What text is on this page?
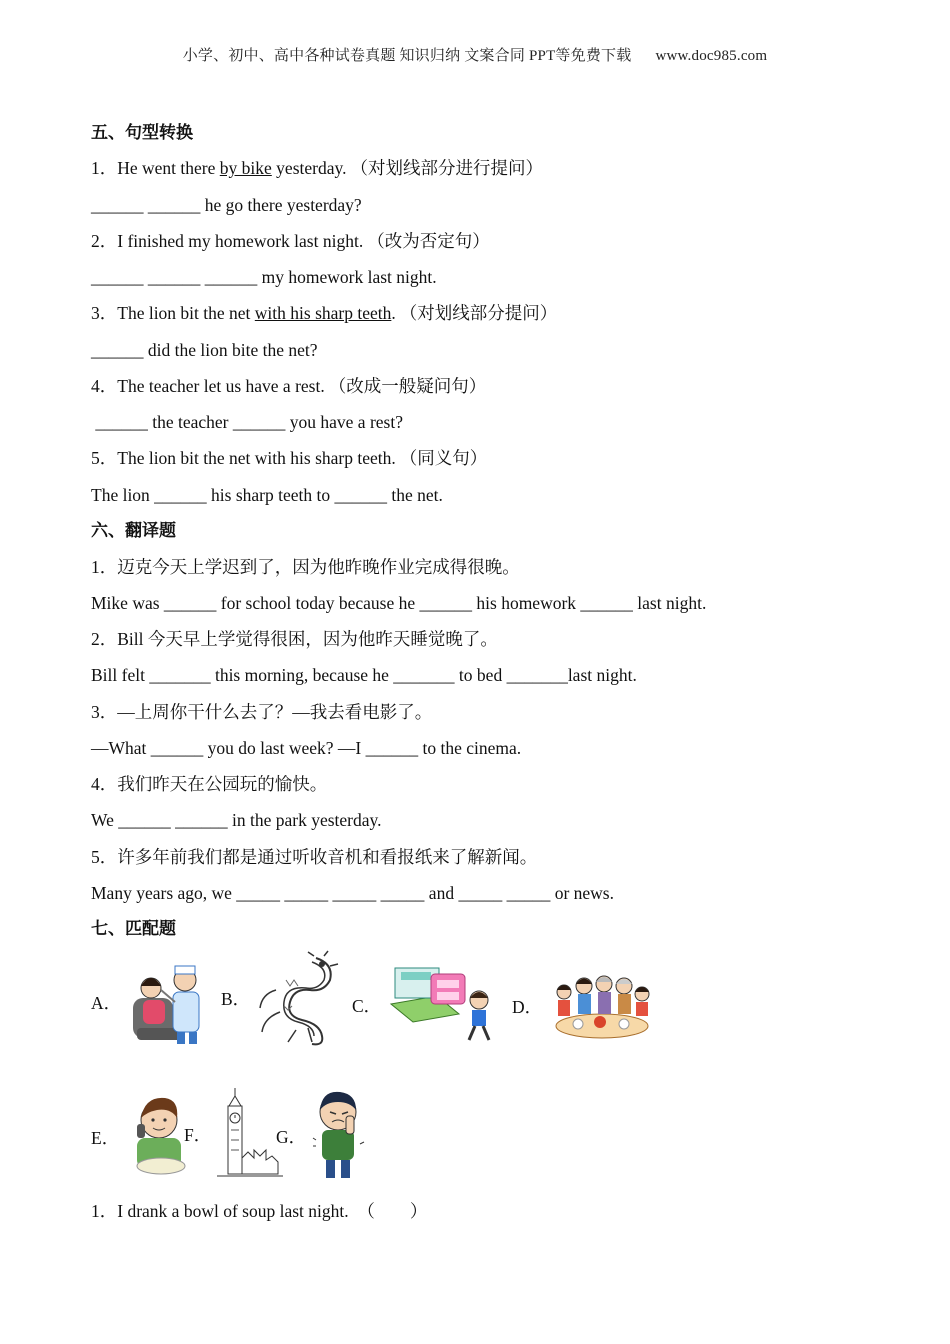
小学、初中、高中各种试卷真题 知识归纳 文案合同 PPT等免费下载 www.doc985.com
五、句型转换
1．He went there by bike yesterday. （对划线部分进行提问）
______ ______ he go there yesterday?
2．I finished my homework last night. （改为否定句）
______ ______ ______ my homework last night.
3．The lion bit the net with his sharp teeth. （对划线部分提问）
______ did the lion bite the net?
4．The teacher let us have a rest. （改成一般疑问句）
______ the teacher ______ you have a rest?
5．The lion bit the net with his sharp teeth. （同义句）
The lion ______ his sharp teeth to ______ the net.
六、翻译题
1．迈克今天上学迟到了，因为他昨晚作业完成得很晚。
Mike was ______ for school today because he ______ his homework ______ last night.
2．Bill 今天早上学觉得很困，因为他昨天睡觉晚了。
Bill felt _______ this morning, because he _______ to bed _______last night.
3．—上周你干什么去了？—我去看电影了。
—What ______ you do last week? —I ______ to the cinema.
4．我们昨天在公园玩的愉快。
We ______ ______ in the park yesterday.
5．许多年前我们都是通过听收音机和看报纸来了解新闻。
Many years ago, we _____ _____ _____ _____ and _____ _____ or news.
七、匹配题
A．	B．	C．	D．
E．	F．	G．
1．I drank a bowl of soup last night.  （        ）
